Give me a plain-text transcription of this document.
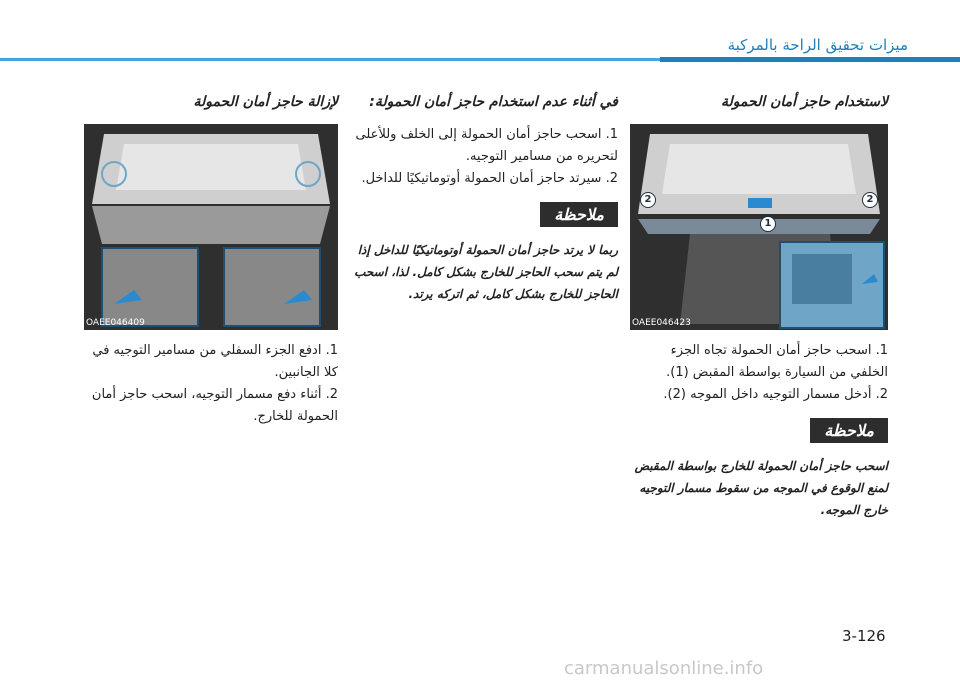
ميزات تحقيق الراحة بالمركبة
لاستخدام حاجز أمان الحمولة
2	2
1
OAEE046423
1. اسحب حاجز أمان الحمولة تجاه الجزء الخلفي من السيارة بواسطة المقبض (1).
2. أدخل مسمار التوجيه داخل الموجه (2).
ملاحظة
اسحب حاجز أمان الحمولة للخارج بواسطة المقبض لمنع الوقوع في الموجه من سقوط مسمار التوجيه خارج الموجه.
في أثناء عدم استخدام حاجز أمان الحمولة:
1. اسحب حاجز أمان الحمولة إلى الخلف وللأعلى لتحريره من مسامير التوجيه.
2. سيرتد حاجز أمان الحمولة أوتوماتيكيًا للداخل.
ملاحظة
ربما لا يرتد حاجز أمان الحمولة أوتوماتيكيًا للداخل إذا لم يتم سحب الحاجز للخارج بشكل كامل. لذا، اسحب الحاجز للخارج بشكل كامل، ثم اتركه يرتد.
لإزالة حاجز أمان الحمولة
OAEE046409
1. ادفع الجزء السفلي من مسامير التوجيه في كلا الجانبين.
2. أثناء دفع مسمار التوجيه، اسحب حاجز أمان الحمولة للخارج.
3-126
carmanualsonline.info
